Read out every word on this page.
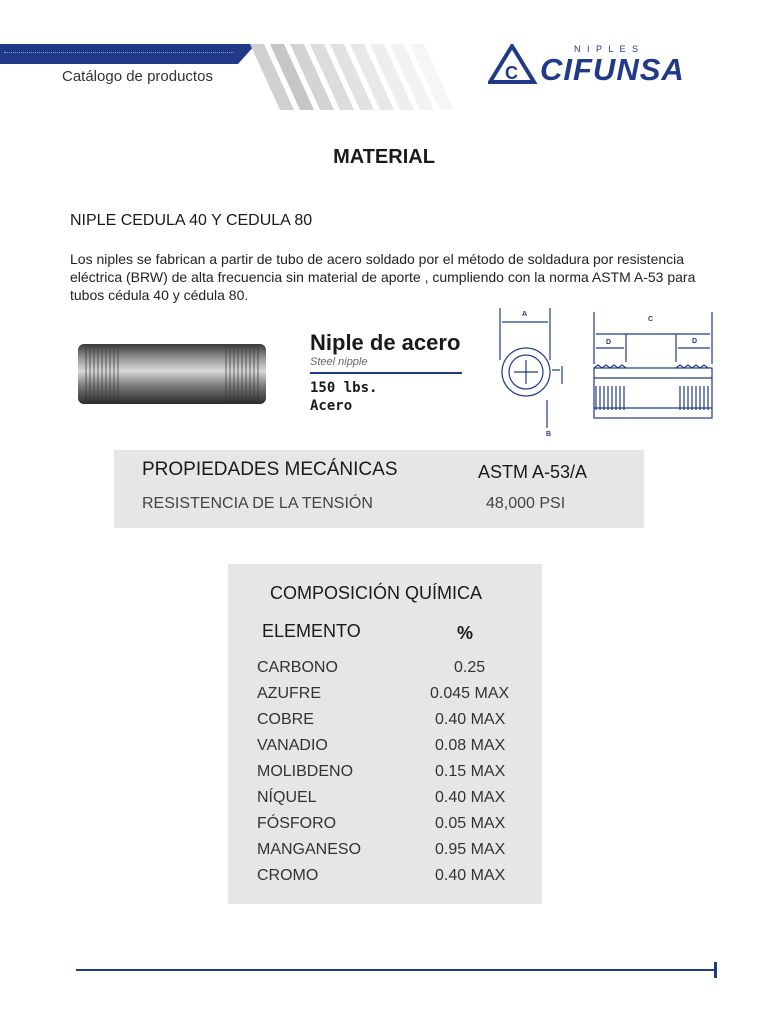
Catálogo de productos	C
N I P L E S
CIFUNSA
MATERIAL
NIPLE CEDULA 40 Y CEDULA 80
Los niples se fabrican a partir de tubo de acero soldado por el método de soldadura por resistencia eléctrica (BRW) de alta frecuencia sin material de aporte , cumpliendo con la norma ASTM A-53 para tubos cédula 40 y cédula 80.
Niple de acero
Steel nipple
150 lbs.
Acero
A
B
C
D	D
PROPIEDADES MECÁNICAS	ASTM A-53/A
RESISTENCIA DE LA TENSIÓN	48,000 PSI
COMPOSICIÓN QUÍMICA
ELEMENTO	%
CARBONO	0.25
AZUFRE	0.045 MAX
COBRE	0.40 MAX
VANADIO	0.08 MAX
MOLIBDENO	0.15 MAX
NÍQUEL	0.40 MAX
FÓSFORO	0.05 MAX
MANGANESO	0.95 MAX
CROMO	0.40 MAX
